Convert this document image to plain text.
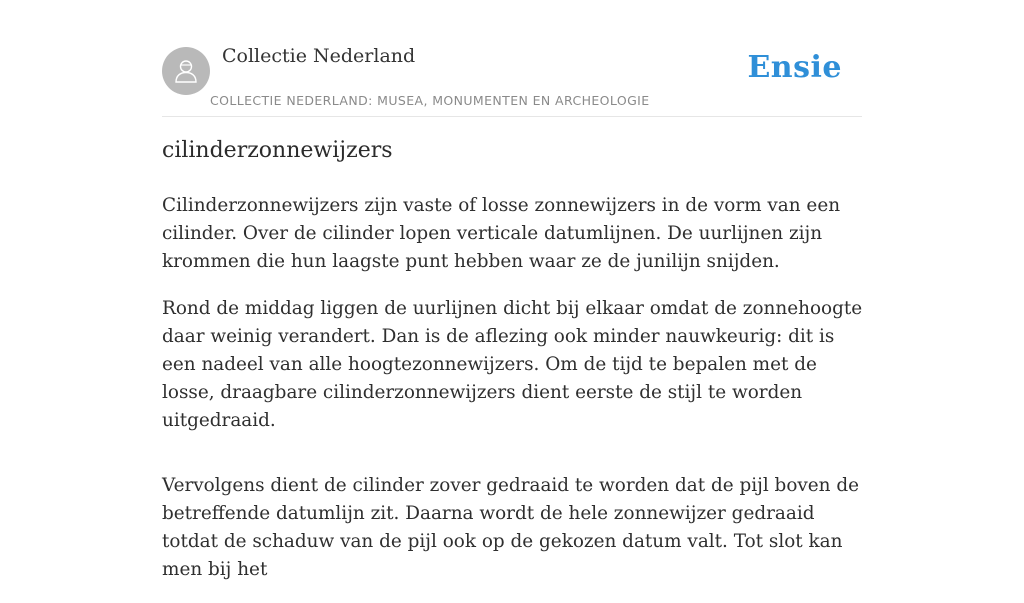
Collectie Nederland
COLLECTIE NEDERLAND: MUSEA, MONUMENTEN EN ARCHEOLOGIE
Ensie
cilinderzonnewijzers

Cilinderzonnewijzers zijn vaste of losse zonnewijzers in de vorm van een cilinder. Over de cilinder lopen verticale datumlijnen. De uurlijnen zijn krommen die hun laagste punt hebben waar ze de junilijn snijden.

Rond de middag liggen de uurlijnen dicht bij elkaar omdat de zonnehoogte daar weinig verandert. Dan is de aflezing ook minder nauwkeurig: dit is een nadeel van alle hoogtezonnewijzers. Om de tijd te bepalen met de losse, draagbare cilinderzonnewijzers dient eerste de stijl te worden uitgedraaid.

Vervolgens dient de cilinder zover gedraaid te worden dat de pijl boven de betreffende datumlijn zit. Daarna wordt de hele zonnewijzer gedraaid totdat de schaduw van de pijl ook op de gekozen datum valt. Tot slot kan men bij het
